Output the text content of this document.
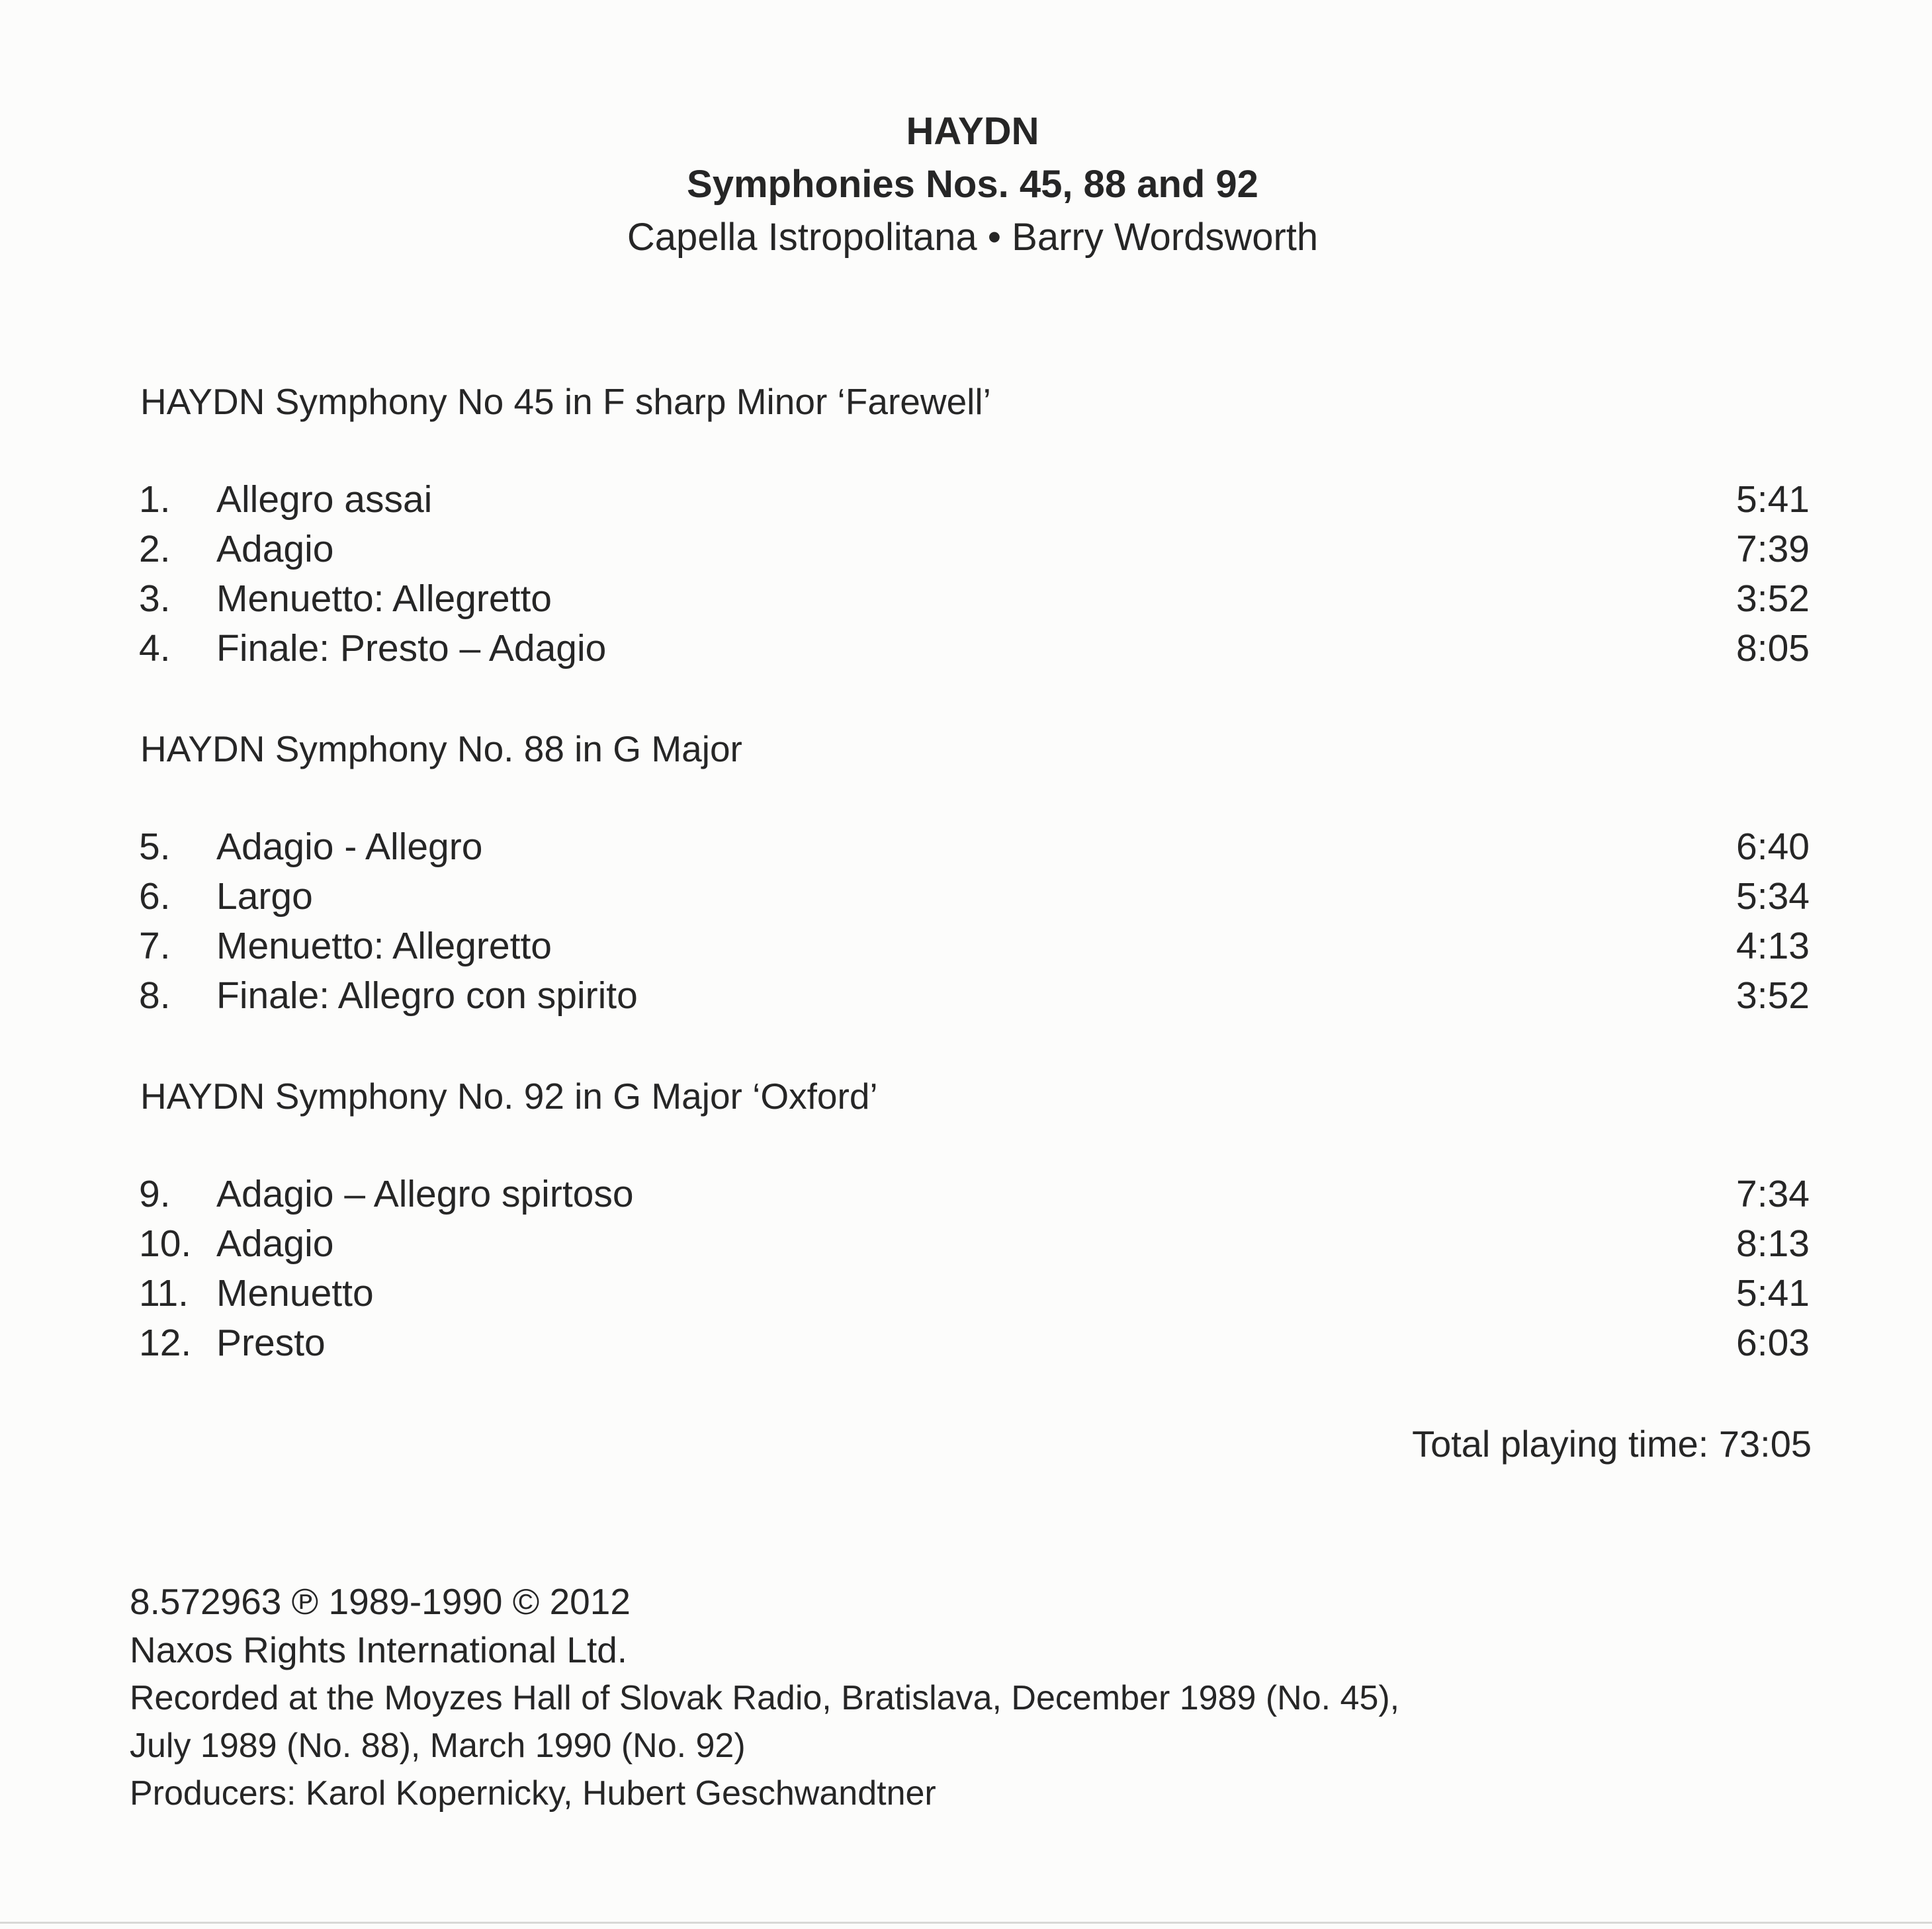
HAYDN
Symphonies Nos. 45, 88 and 92
Capella Istropolitana • Barry Wordsworth
HAYDN Symphony No 45 in F sharp Minor ‘Farewell’
1.	Allegro assai	5:41
2.	Adagio	7:39
3.	Menuetto: Allegretto	3:52
4.	Finale: Presto – Adagio	8:05
HAYDN Symphony No. 88 in G Major
5.	Adagio - Allegro	6:40
6.	Largo	5:34
7.	Menuetto: Allegretto	4:13
8.	Finale: Allegro con spirito	3:52
HAYDN Symphony No. 92 in G Major ‘Oxford’
9.	Adagio – Allegro spirtoso	7:34
10. Adagio	8:13
11. Menuetto	5:41
12. Presto	6:03
Total playing time: 73:05
8.572963 ℗ 1989-1990 © 2012
Naxos Rights International Ltd.
Recorded at the Moyzes Hall of Slovak Radio, Bratislava, December 1989 (No. 45),
July 1989 (No. 88), March 1990 (No. 92)
Producers: Karol Kopernicky, Hubert Geschwandtner
